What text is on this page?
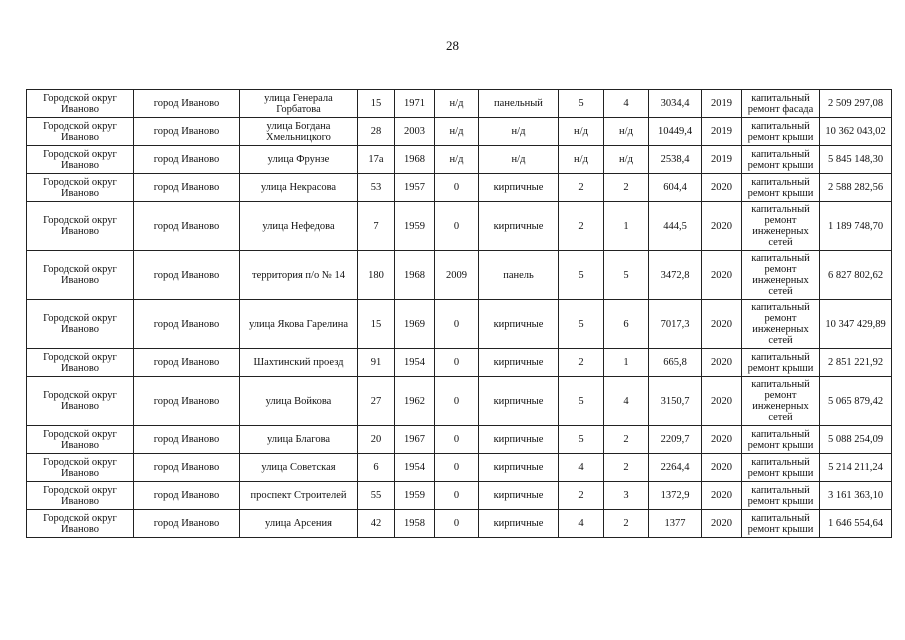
28
Городской округ Иваново	город Иваново	улица Генерала Горбатова	15	1971	н/д	панельный	5	4	3034,4	2019	капитальный ремонт фасада	2 509 297,08
Городской округ Иваново	город Иваново	улица Богдана Хмельницкого	28	2003	н/д	н/д	н/д	н/д	10449,4	2019	капитальный ремонт крыши	10 362 043,02
Городской округ Иваново	город Иваново	улица Фрунзе	17а	1968	н/д	н/д	н/д	н/д	2538,4	2019	капитальный ремонт крыши	5 845 148,30
Городской округ Иваново	город Иваново	улица Некрасова	53	1957	0	кирпичные	2	2	604,4	2020	капитальный ремонт крыши	2 588 282,56
Городской округ Иваново	город Иваново	улица Нефедова	7	1959	0	кирпичные	2	1	444,5	2020	капитальный ремонт инженерных сетей	1 189 748,70
Городской округ Иваново	город Иваново	территория п/о № 14	180	1968	2009	панель	5	5	3472,8	2020	капитальный ремонт инженерных сетей	6 827 802,62
Городской округ Иваново	город Иваново	улица Якова Гарелина	15	1969	0	кирпичные	5	6	7017,3	2020	капитальный ремонт инженерных сетей	10 347 429,89
Городской округ Иваново	город Иваново	Шахтинский проезд	91	1954	0	кирпичные	2	1	665,8	2020	капитальный ремонт крыши	2 851 221,92
Городской округ Иваново	город Иваново	улица Войкова	27	1962	0	кирпичные	5	4	3150,7	2020	капитальный ремонт инженерных сетей	5 065 879,42
Городской округ Иваново	город Иваново	улица Благова	20	1967	0	кирпичные	5	2	2209,7	2020	капитальный ремонт крыши	5 088 254,09
Городской округ Иваново	город Иваново	улица Советская	6	1954	0	кирпичные	4	2	2264,4	2020	капитальный ремонт крыши	5 214 211,24
Городской округ Иваново	город Иваново	проспект Строителей	55	1959	0	кирпичные	2	3	1372,9	2020	капитальный ремонт крыши	3 161 363,10
Городской округ Иваново	город Иваново	улица Арсения	42	1958	0	кирпичные	4	2	1377	2020	капитальный ремонт крыши	1 646 554,64
